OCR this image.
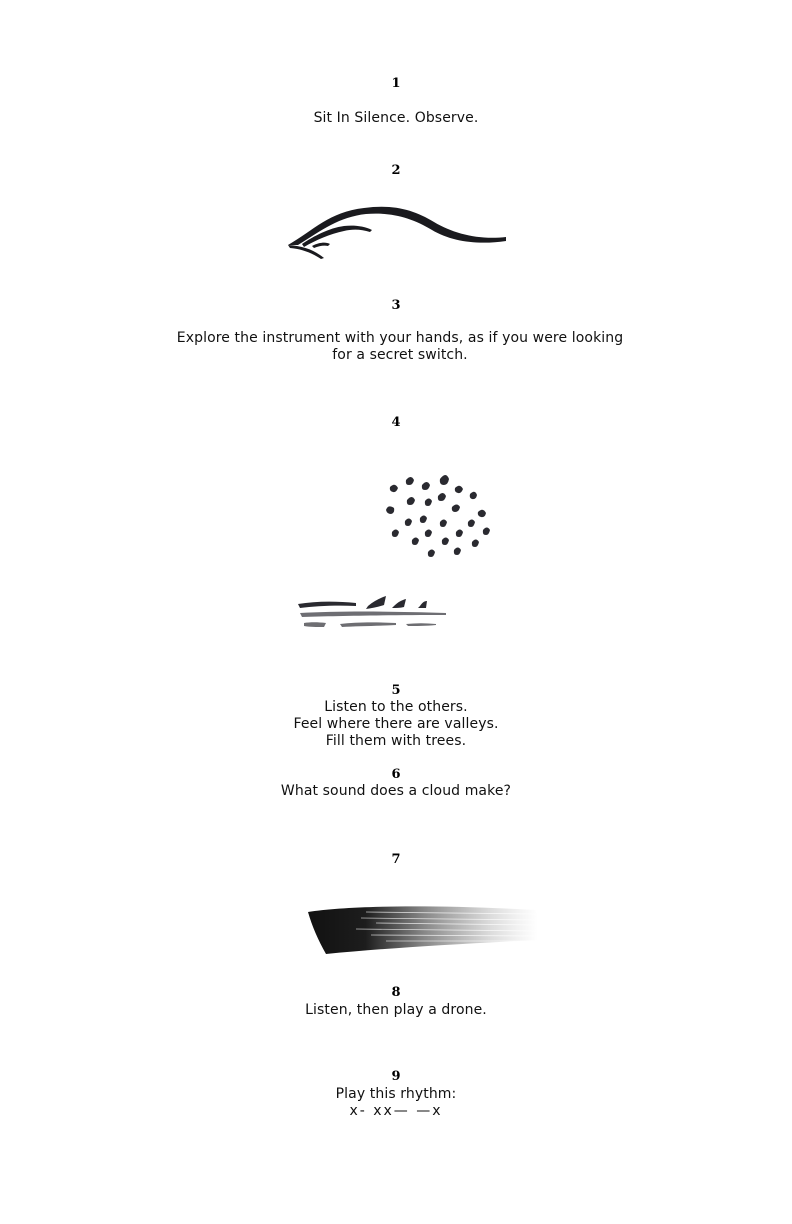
1
Sit In Silence. Observe.
2
3
Explore the instrument with your hands, as if you were looking for a secret switch.
4
5
Listen to the others.
Feel where there are valleys.
Fill them with trees.
6
What sound does a cloud make?
7
8
Listen, then play a drone.
9
Play this rhythm:
x- xx— —x
